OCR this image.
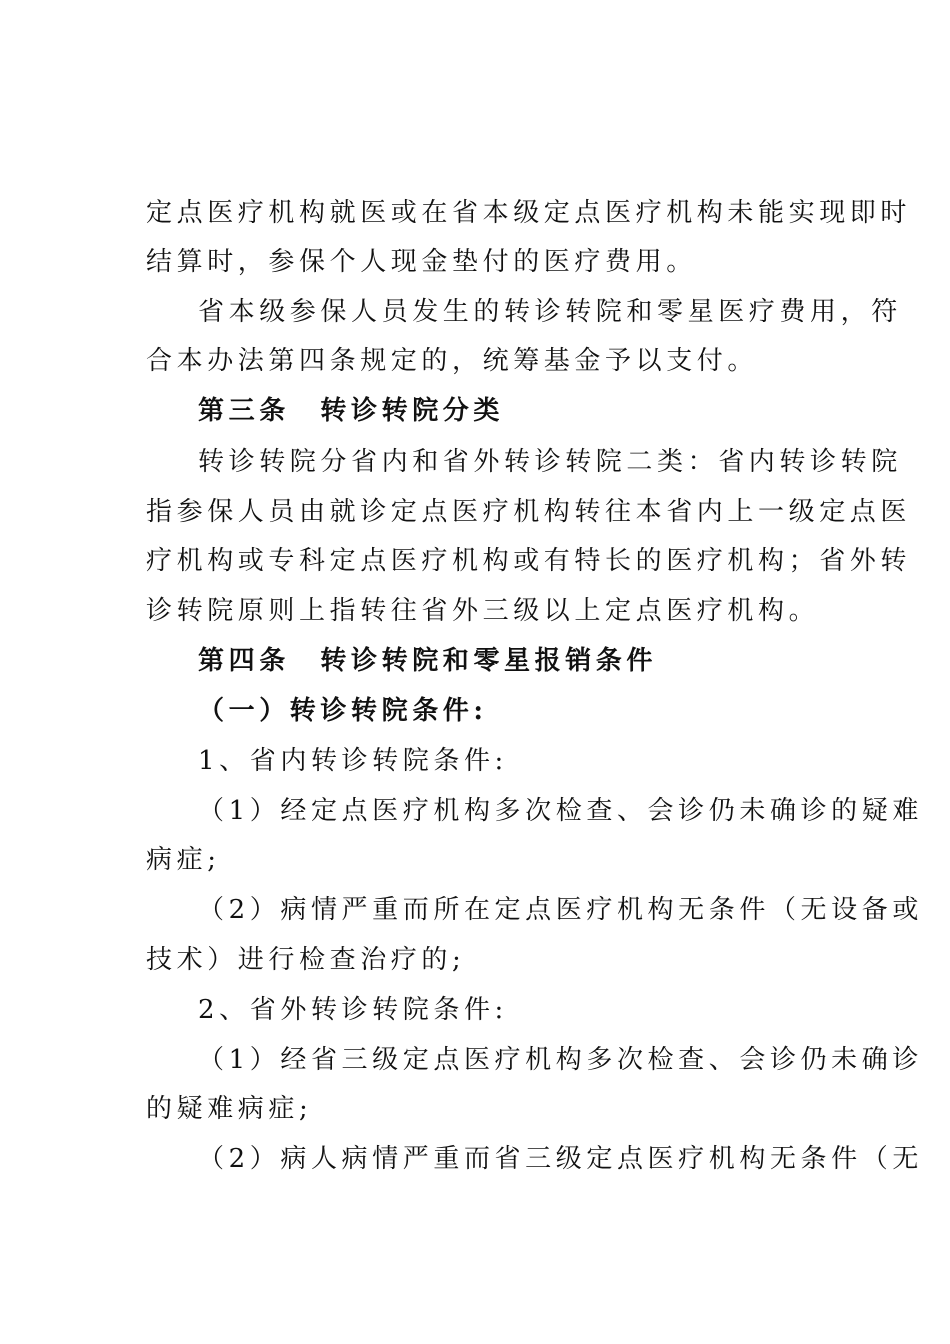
定点医疗机构就医或在省本级定点医疗机构未能实现即时
结算时，参保个人现金垫付的医疗费用。
省本级参保人员发生的转诊转院和零星医疗费用，符
合本办法第四条规定的，统筹基金予以支付。
第三条　转诊转院分类
转诊转院分省内和省外转诊转院二类：省内转诊转院
指参保人员由就诊定点医疗机构转往本省内上一级定点医
疗机构或专科定点医疗机构或有特长的医疗机构；省外转
诊转院原则上指转往省外三级以上定点医疗机构。
第四条　转诊转院和零星报销条件
（一）转诊转院条件:
1、省内转诊转院条件:
（1）经定点医疗机构多次检查、会诊仍未确诊的疑难
病症;
（2）病情严重而所在定点医疗机构无条件（无设备或
技术）进行检查治疗的;
2、省外转诊转院条件:
（1）经省三级定点医疗机构多次检查、会诊仍未确诊
的疑难病症;
（2）病人病情严重而省三级定点医疗机构无条件（无
